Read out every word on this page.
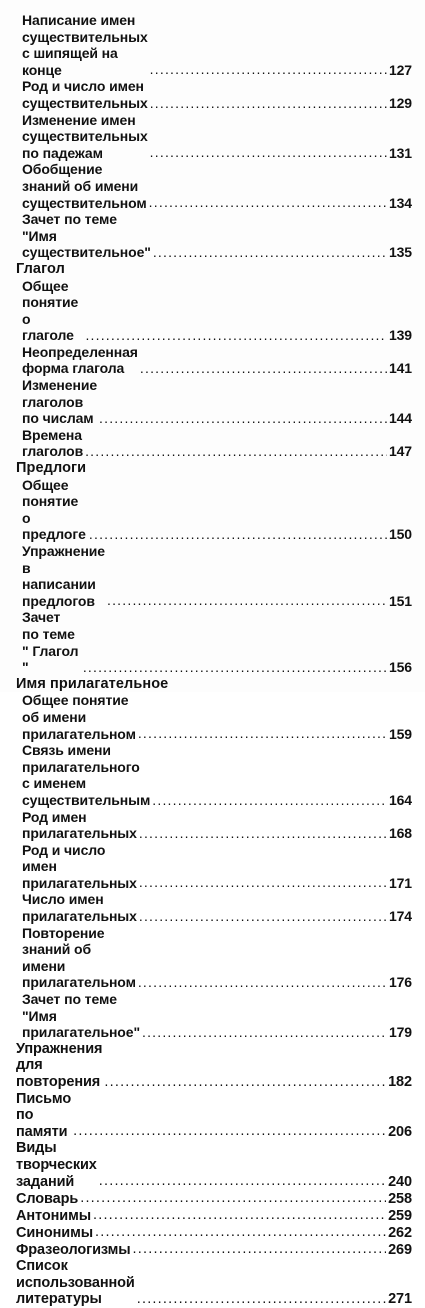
Написание имен существительных
с шипящей на конце .....	127
Род и число имен существительных .....	129
Изменение имен существительных
по падежам .....	131
Обобщение знаний об имени
существительном .....	134
Зачет по теме "Имя существительное" .....	135
Глагол
Общее понятие о глаголе .....	139
Неопределенная форма глагола .....	141
Изменение глаголов по числам .....	144
Времена глаголов .....	147
Предлоги
Общее понятие о предлоге .....	150
Упражнение в написании предлогов .....	151
Зачет по теме " Глагол " .....	156
Имя прилагательное
Общее понятие об имени прилагательном .....	159
Связь имени прилагательного с именем
существительным .....	164
Род имен прилагательных .....	168
Род и число имен прилагательных .....	171
Число имен прилагательных .....	174
Повторение знаний об имени
прилагательном .....	176
Зачет по теме "Имя прилагательное" .....	179
Упражнения для повторения .....	182
Письмо по памяти .....	206
Виды творческих заданий .....	240
Словарь .....	258
Антонимы .....	259
Синонимы .....	262
Фразеологизмы .....	269
Список использованной литературы .....	271
